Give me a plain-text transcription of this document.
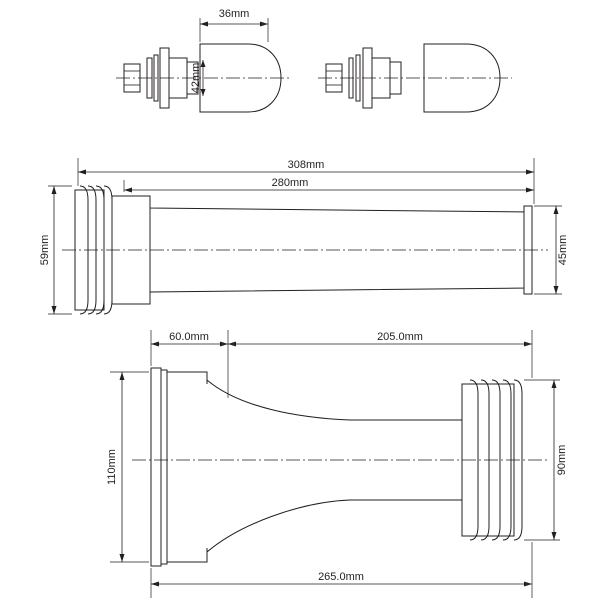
36mm
42mm
308mm
280mm
59mm	45mm
60.0mm	205.0mm
110mm	90mm
265.0mm
